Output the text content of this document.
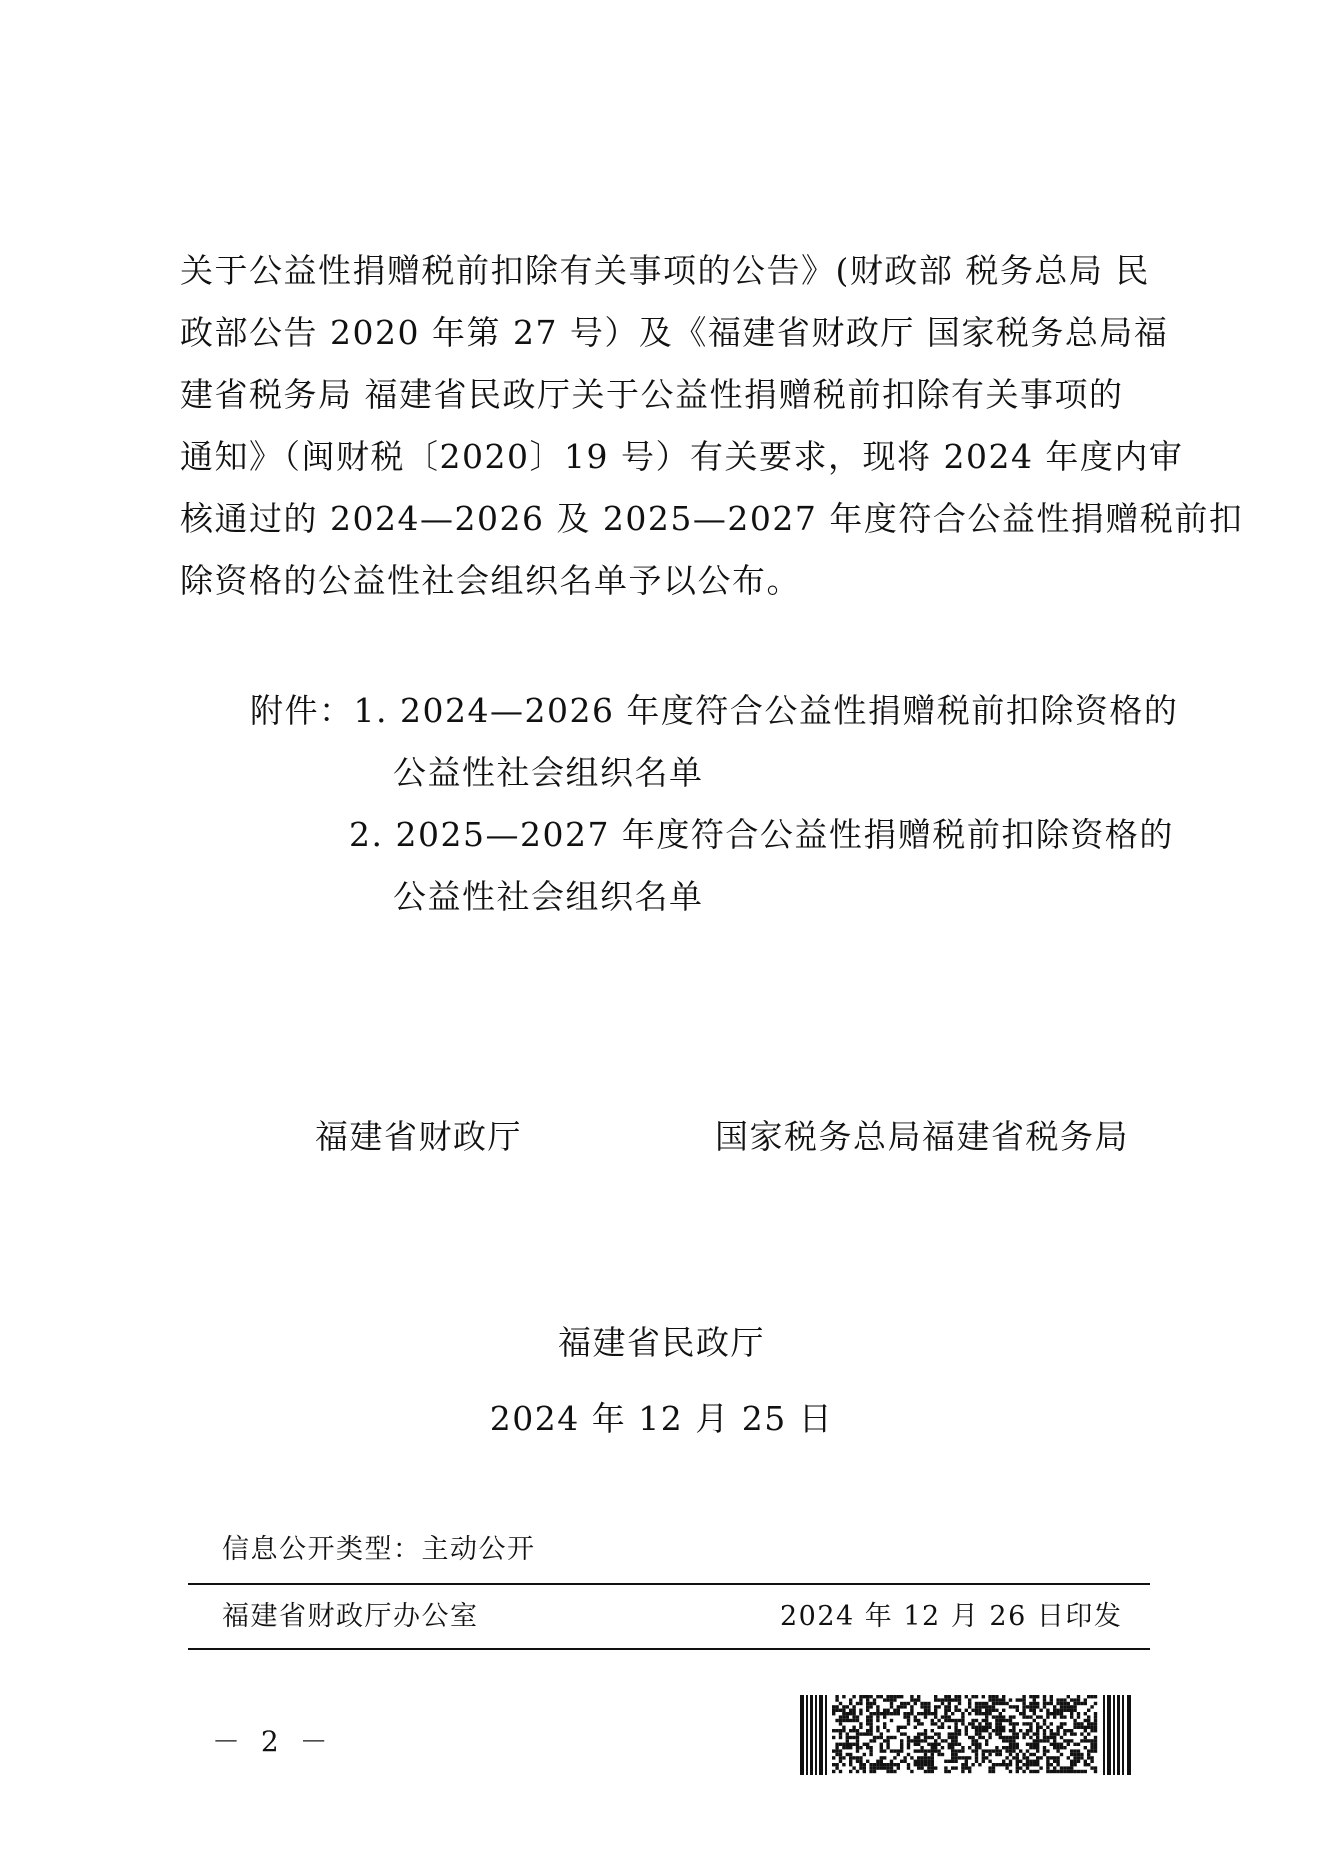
关于公益性捐赠税前扣除有关事项的公告》(财政部 税务总局 民
政部公告 2020 年第 27 号）及《福建省财政厅 国家税务总局福
建省税务局 福建省民政厅关于公益性捐赠税前扣除有关事项的
通知》（闽财税〔2020〕19 号）有关要求，现将 2024 年度内审
核通过的 2024—2026 及 2025—2027 年度符合公益性捐赠税前扣
除资格的公益性社会组织名单予以公布。
附件：1. 2024—2026 年度符合公益性捐赠税前扣除资格的
公益性社会组织名单
2. 2025—2027 年度符合公益性捐赠税前扣除资格的
公益性社会组织名单
福建省财政厅	国家税务总局福建省税务局
福建省民政厅
2024 年 12 月 25 日
信息公开类型：主动公开
福建省财政厅办公室	2024 年 12 月 26 日印发
－ 2 －
